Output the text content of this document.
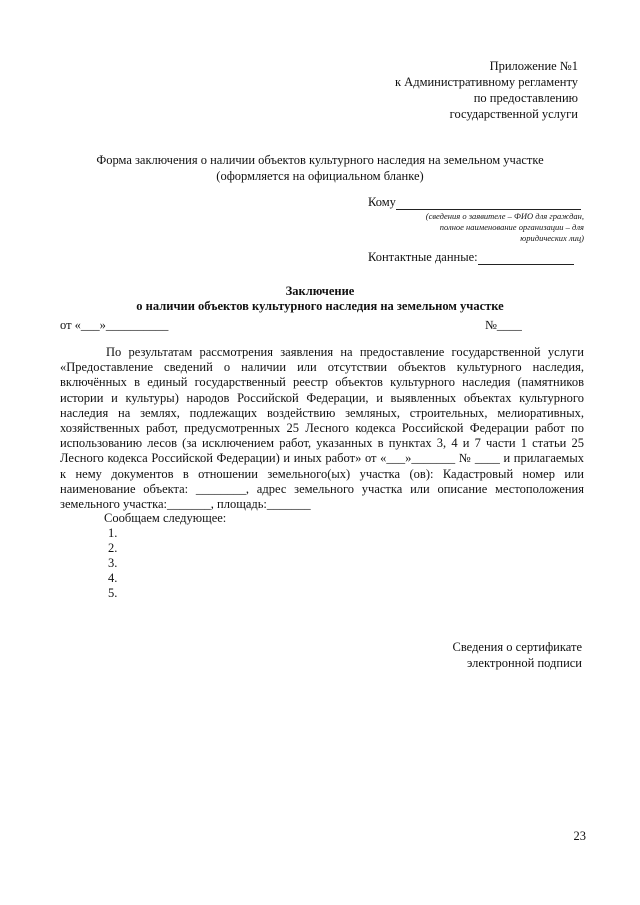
Приложение №1
к Административному регламенту
по предоставлению
государственной услуги
Форма заключения о наличии объектов культурного наследия на земельном участке
(оформляется на официальном бланке)
Кому
(сведения о заявителе – ФИО для граждан,
полное наименование организации – для
юридических лиц)
Контактные данные:
Заключение
о наличии объектов культурного наследия на земельном участке
от «___»__________	№____

По результатам рассмотрения заявления на предоставление государственной услуги «Предоставление сведений о наличии или отсутствии объектов культурного наследия, включённых в единый государственный реестр объектов культурного наследия (памятников истории и культуры) народов Российской Федерации, и выявленных объектах культурного наследия на землях, подлежащих воздействию земляных, строительных, мелиоративных, хозяйственных работ, предусмотренных 25 Лесного кодекса Российской Федерации работ по использованию лесов (за исключением работ, указанных в пунктах 3, 4 и 7 части 1 статьи 25 Лесного кодекса Российской Федерации) и иных работ» от «___»_______ № ____ и прилагаемых к нему документов в отношении земельного(ых) участка (ов): Кадастровый номер или наименование объекта: ________, адрес земельного участка или описание местоположения земельного участка:_______, площадь:_______

Сообщаем следующее:
1.
2.
3.
4.
5.
Сведения о сертификате
электронной подписи
23
